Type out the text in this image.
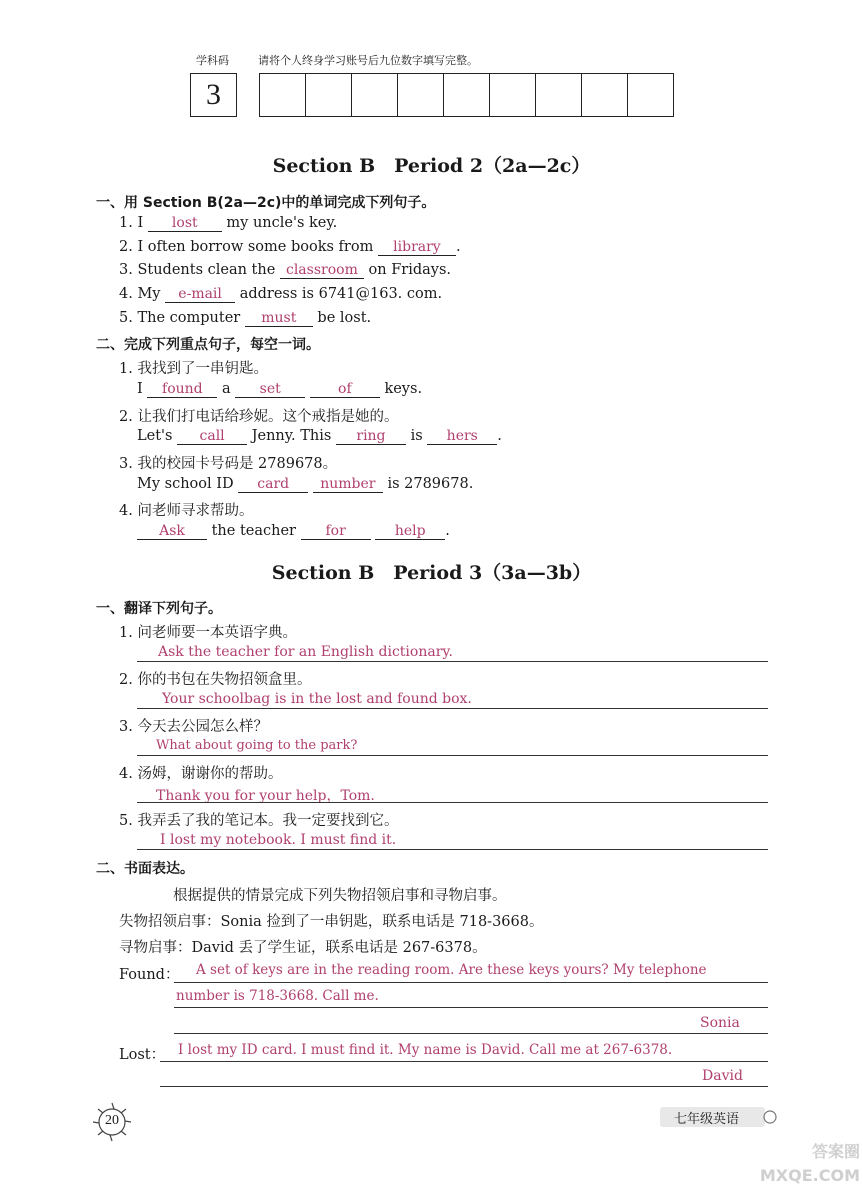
学科码	请将个人终身学习账号后九位数字填写完整。
3
Section B　Period 2（2a—2c）
一、用 Section B(2a—2c)中的单词完成下列句子。
1. I lost my uncle's key.
2. I often borrow some books from library .
3. Students clean the classroom on Fridays.
4. My e-mail address is 6741@163. com.
5. The computer must be lost.
二、完成下列重点句子，每空一词。
1. 我找到了一串钥匙。
I found a set	of keys.
2. 让我们打电话给珍妮。这个戒指是她的。
Let's call Jenny. This ring is hers .
3. 我的校园卡号码是 2789678。
My school ID card number is 2789678.
4. 问老师寻求帮助。
Ask the teacher for	help .
Section B　Period 3（3a—3b）
一、翻译下列句子。
1. 问老师要一本英语字典。
Ask the teacher for an English dictionary.
2. 你的书包在失物招领盒里。
Your schoolbag is in the lost and found box.
3. 今天去公园怎么样？
What about going to the park?
4. 汤姆，谢谢你的帮助。
Thank you for your help，Tom.
5. 我弄丢了我的笔记本。我一定要找到它。
I lost my notebook. I must find it.
二、书面表达。
根据提供的情景完成下列失物招领启事和寻物启事。
失物招领启事：Sonia 捡到了一串钥匙，联系电话是 718-3668。
寻物启事：David 丢了学生证，联系电话是 267-6378。
Found： A set of keys are in the reading room. Are these keys yours? My telephone
number is 718-3668. Call me.
Sonia
Lost： I lost my ID card. I must find it. My name is David. Call me at 267-6378.
David
20	七年级英语
答案圈 MXQE.COM
